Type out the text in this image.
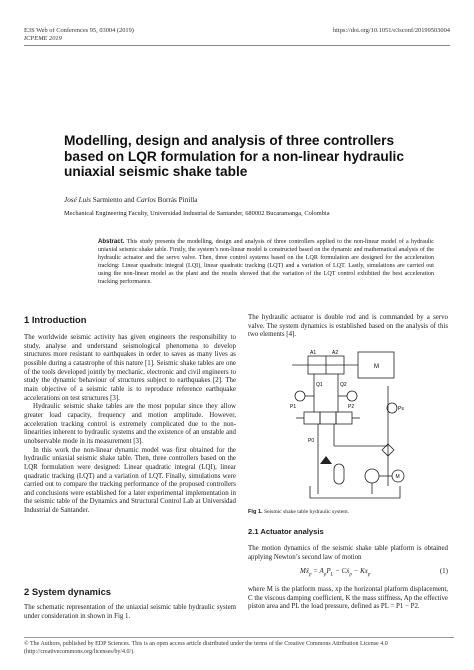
E3S Web of Conferences 95, 03004 (2019)
ICPEME 2019
https://doi.org/10.1051/e3sconf/20199503004
Modelling, design and analysis of three controllers based on LQR formulation for a non-linear hydraulic uniaxial seismic shake table
José Luis Sarmiento and Carlos Borrás Pinilla
Mechanical Engineering Faculty, Universidad Industrial de Santander, 680002 Bucaramanga, Colombia
Abstract. This study presents the modelling, design and analysis of three controllers applied to the non-linear model of a hydraulic uniaxial seismic shake table. Firstly, the system’s non-linear model is constructed based on the dynamic and mathematical analysis of the hydraulic actuator and the servo valve. Then, three control systems based on the LQR formulation are designed for the acceleration tracking: Linear quadratic integral (LQI), linear quadratic tracking (LQT) and a variation of LQT. Lastly, simulations are carried out using the non-linear model as the plant and the results showed that the variation of the LQT control exhibited the best acceleration tracking performance.
1 Introduction

The worldwide seismic activity has given engineers the responsibility to study, analyse and understand seismological phenomena to develop structures more resistant to earthquakes in order to saves as many lives as possible during a catastrophe of this nature [1]. Seismic shake tables are one of the tools developed jointly by mechanic, electronic and civil engineers to study the dynamic behaviour of structures subject to earthquakes [2]. The main objective of a seismic table is to reproduce reference earthquake accelerations on test structures [3].

Hydraulic seismic shake tables are the most popular since they allow greater load capacity, frequency and motion amplitude. However, acceleration tracking control is extremely complicated due to the non-linearities inherent to hydraulic systems and the existence of an unstable and unobservable mode in its measurement [3].

In this work the non-linear dynamic model was first obtained for the hydraulic uniaxial seismic shake table. Then, three controllers based on the LQR formulation were designed: Linear quadratic integral (LQI), linear quadratic tracking (LQT) and a variation of LQT. Finally, simulations were carried out to compare the tracking performance of the proposed controllers and conclusions were established for a later experimental implementation in the seismic table of the Dynamics and Structural Control Lab at Universidad Industrial de Santander.

2 System dynamics
The schematic representation of the uniaxial seismic table hydraulic system under consideration in shown in Fig 1.
The hydraulic actuator is double rod and is commanded by a servo valve. The system dynamics is established based on the analysis of this two elements [4].
A1	A2
M
Q1	Q2
P1	P2
P0
Ps
M
Fig 1. Seismic shake table hydraulic system.
2.1 Actuator analysis
The motion dynamics of the seismic shake table platform is obtained applying Newton’s second law of motion
Mẍ$_p$ = $A_pP_L$ − Cẋ$_p$ − $Kx_p$	(1)
where M is the platform mass, xp the horizontal platform displacement, C the viscous damping coefficient, K the mass stiffness, Ap the effective piston area and PL the load pressure, defined as PL = P1 − P2.
© The Authors, published by EDP Sciences. This is an open access article distributed under the terms of the Creative Commons Attribution License 4.0 (http://creativecommons.org/licenses/by/4.0/).
